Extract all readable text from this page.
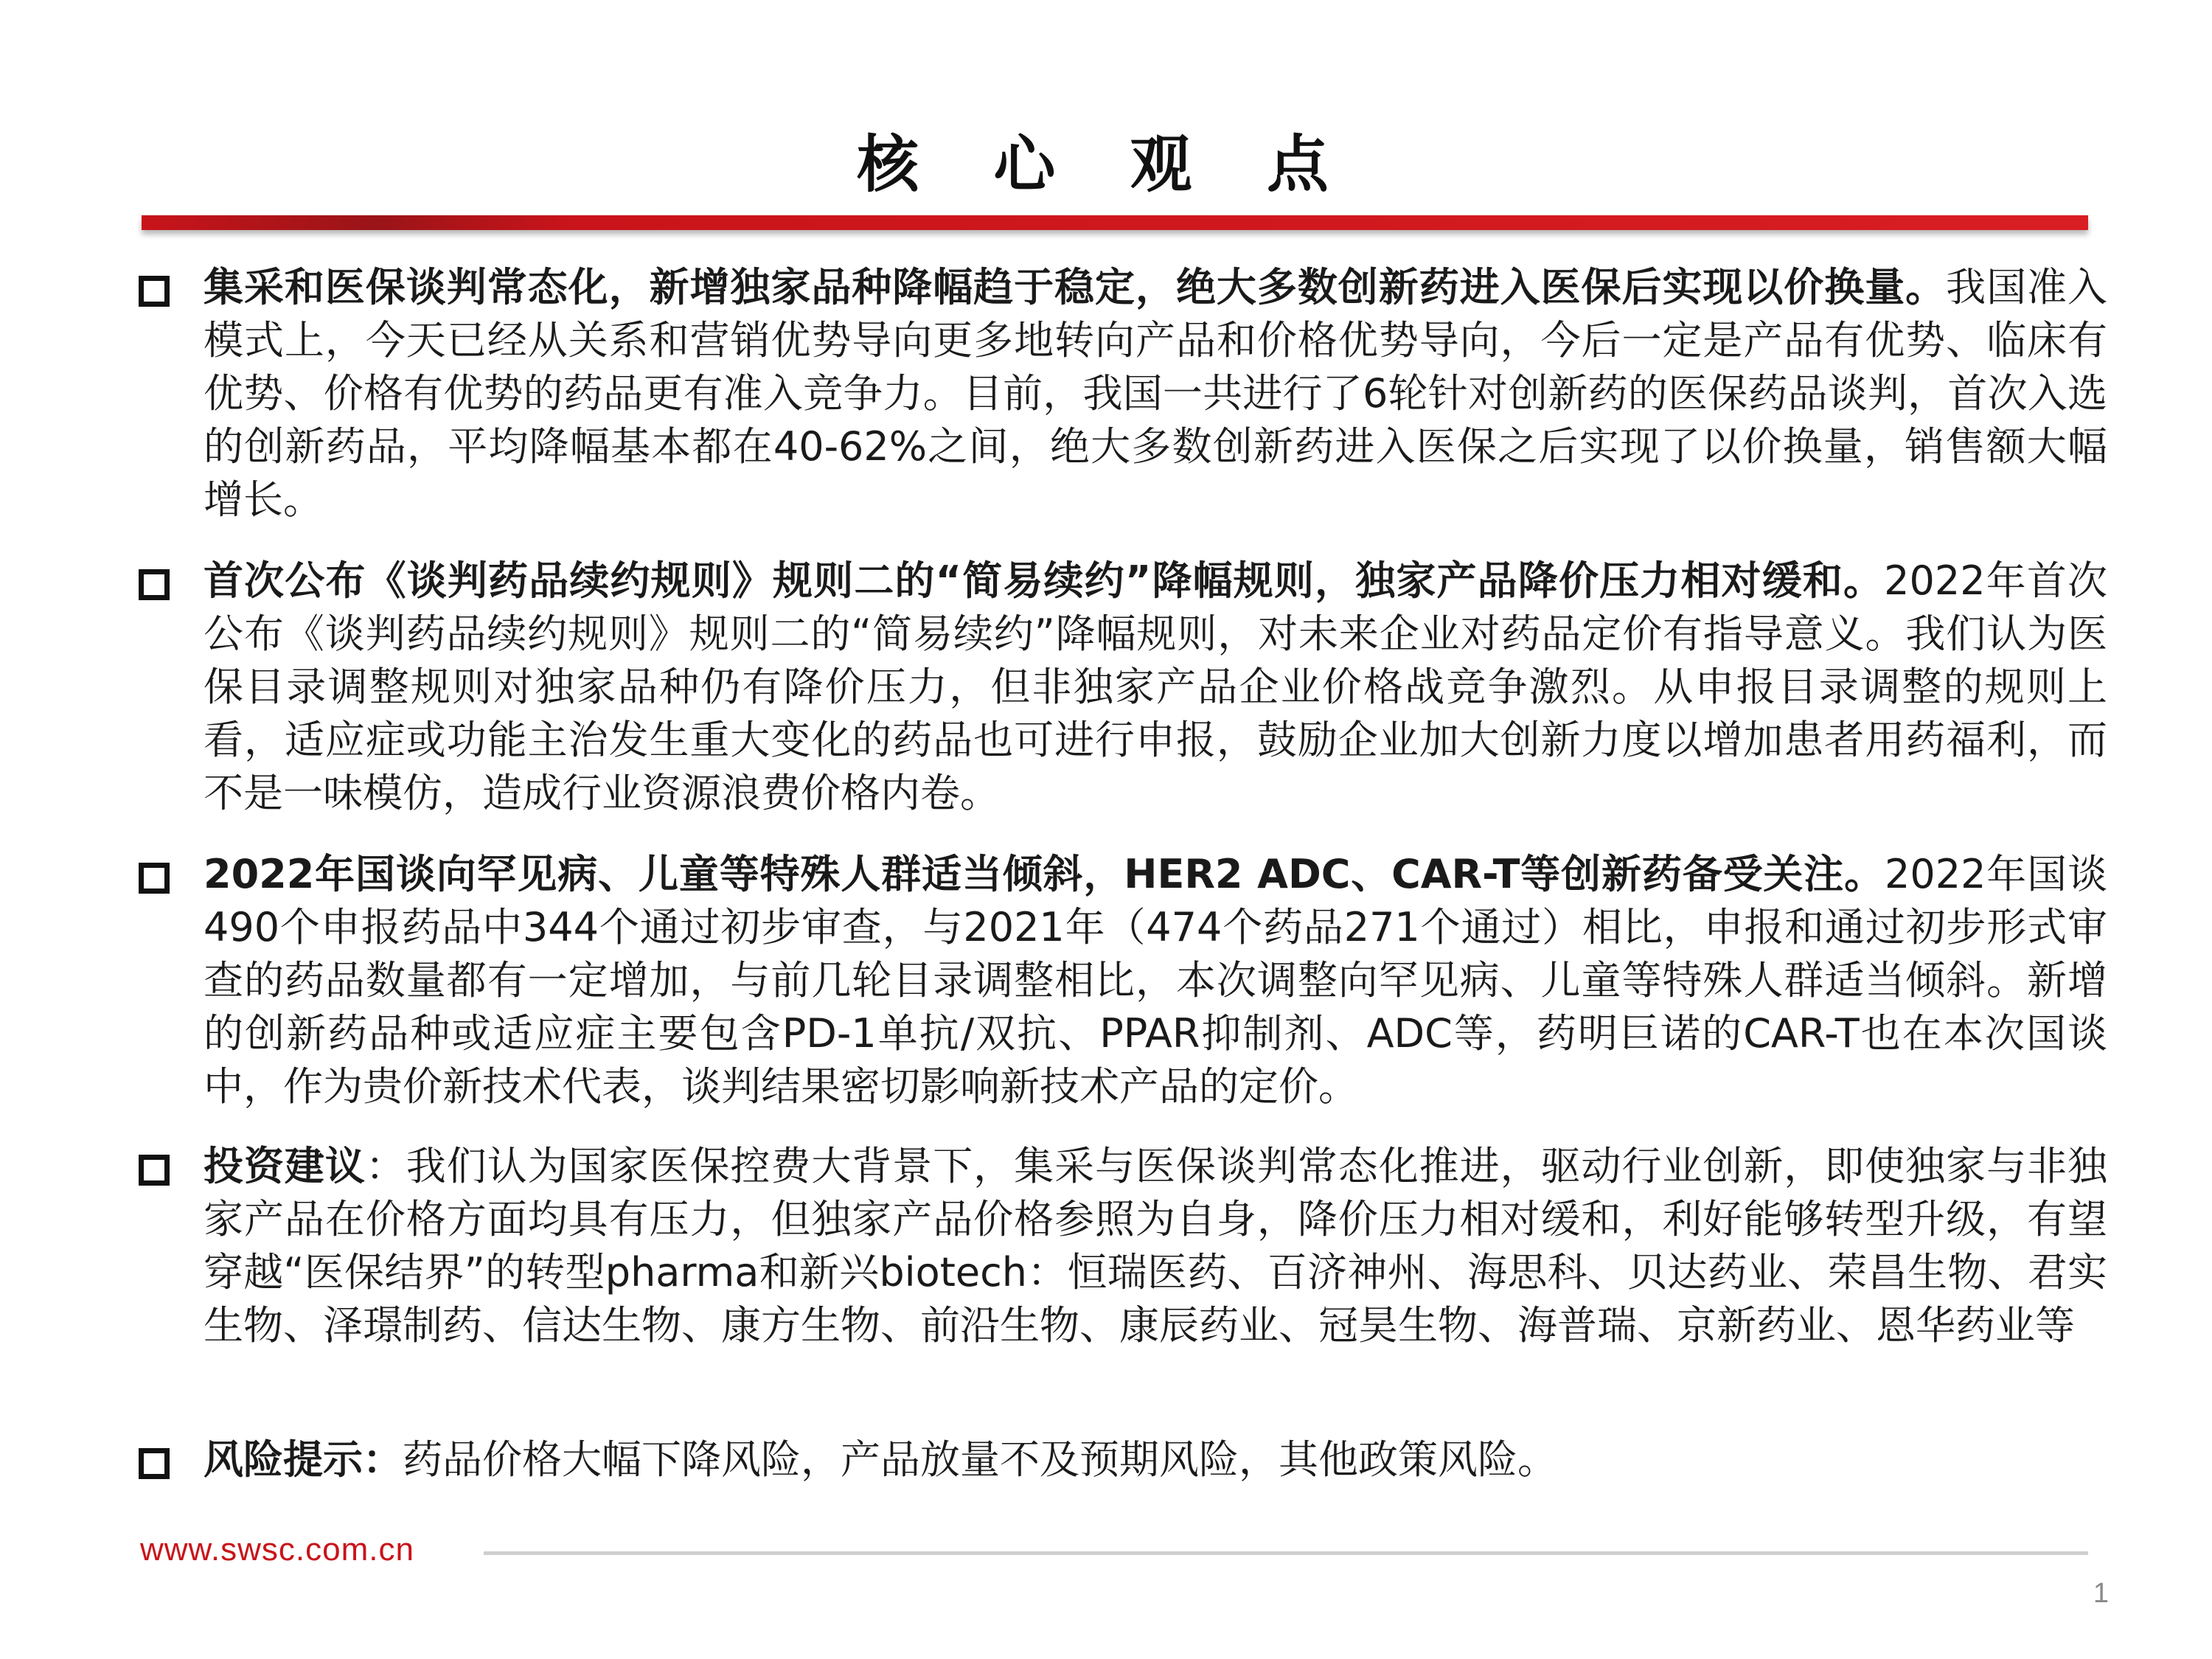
核 心 观 点
集采和医保谈判常态化，新增独家品种降幅趋于稳定，绝大多数创新药进入医保后实现以价换量。我国准入模式上，今天已经从关系和营销优势导向更多地转向产品和价格优势导向，今后一定是产品有优势、临床有优势、价格有优势的药品更有准入竞争力。目前，我国一共进行了6轮针对创新药的医保药品谈判，首次入选的创新药品，平均降幅基本都在40-62%之间，绝大多数创新药进入医保之后实现了以价换量，销售额大幅增长。
首次公布《谈判药品续约规则》规则二的“简易续约”降幅规则，独家产品降价压力相对缓和。2022年首次公布《谈判药品续约规则》规则二的“简易续约”降幅规则，对未来企业对药品定价有指导意义。我们认为医保目录调整规则对独家品种仍有降价压力，但非独家产品企业价格战竞争激烈。从申报目录调整的规则上看，适应症或功能主治发生重大变化的药品也可进行申报，鼓励企业加大创新力度以增加患者用药福利，而不是一味模仿，造成行业资源浪费价格内卷。
2022年国谈向罕见病、儿童等特殊人群适当倾斜，HER2 ADC、CAR-T等创新药备受关注。2022年国谈490个申报药品中344个通过初步审查，与2021年（474个药品271个通过）相比，申报和通过初步形式审查的药品数量都有一定增加，与前几轮目录调整相比，本次调整向罕见病、儿童等特殊人群适当倾斜。新增的创新药品种或适应症主要包含PD-1单抗/双抗、PPAR抑制剂、ADC等，药明巨诺的CAR-T也在本次国谈中，作为贵价新技术代表，谈判结果密切影响新技术产品的定价。
投资建议：我们认为国家医保控费大背景下，集采与医保谈判常态化推进，驱动行业创新，即使独家与非独家产品在价格方面均具有压力，但独家产品价格参照为自身，降价压力相对缓和，利好能够转型升级，有望穿越“医保结界”的转型pharma和新兴biotech：恒瑞医药、百济神州、海思科、贝达药业、荣昌生物、君实生物、泽璟制药、信达生物、康方生物、前沿生物、康辰药业、冠昊生物、海普瑞、京新药业、恩华药业等
风险提示：药品价格大幅下降风险，产品放量不及预期风险，其他政策风险。
www.swsc.com.cn
1
